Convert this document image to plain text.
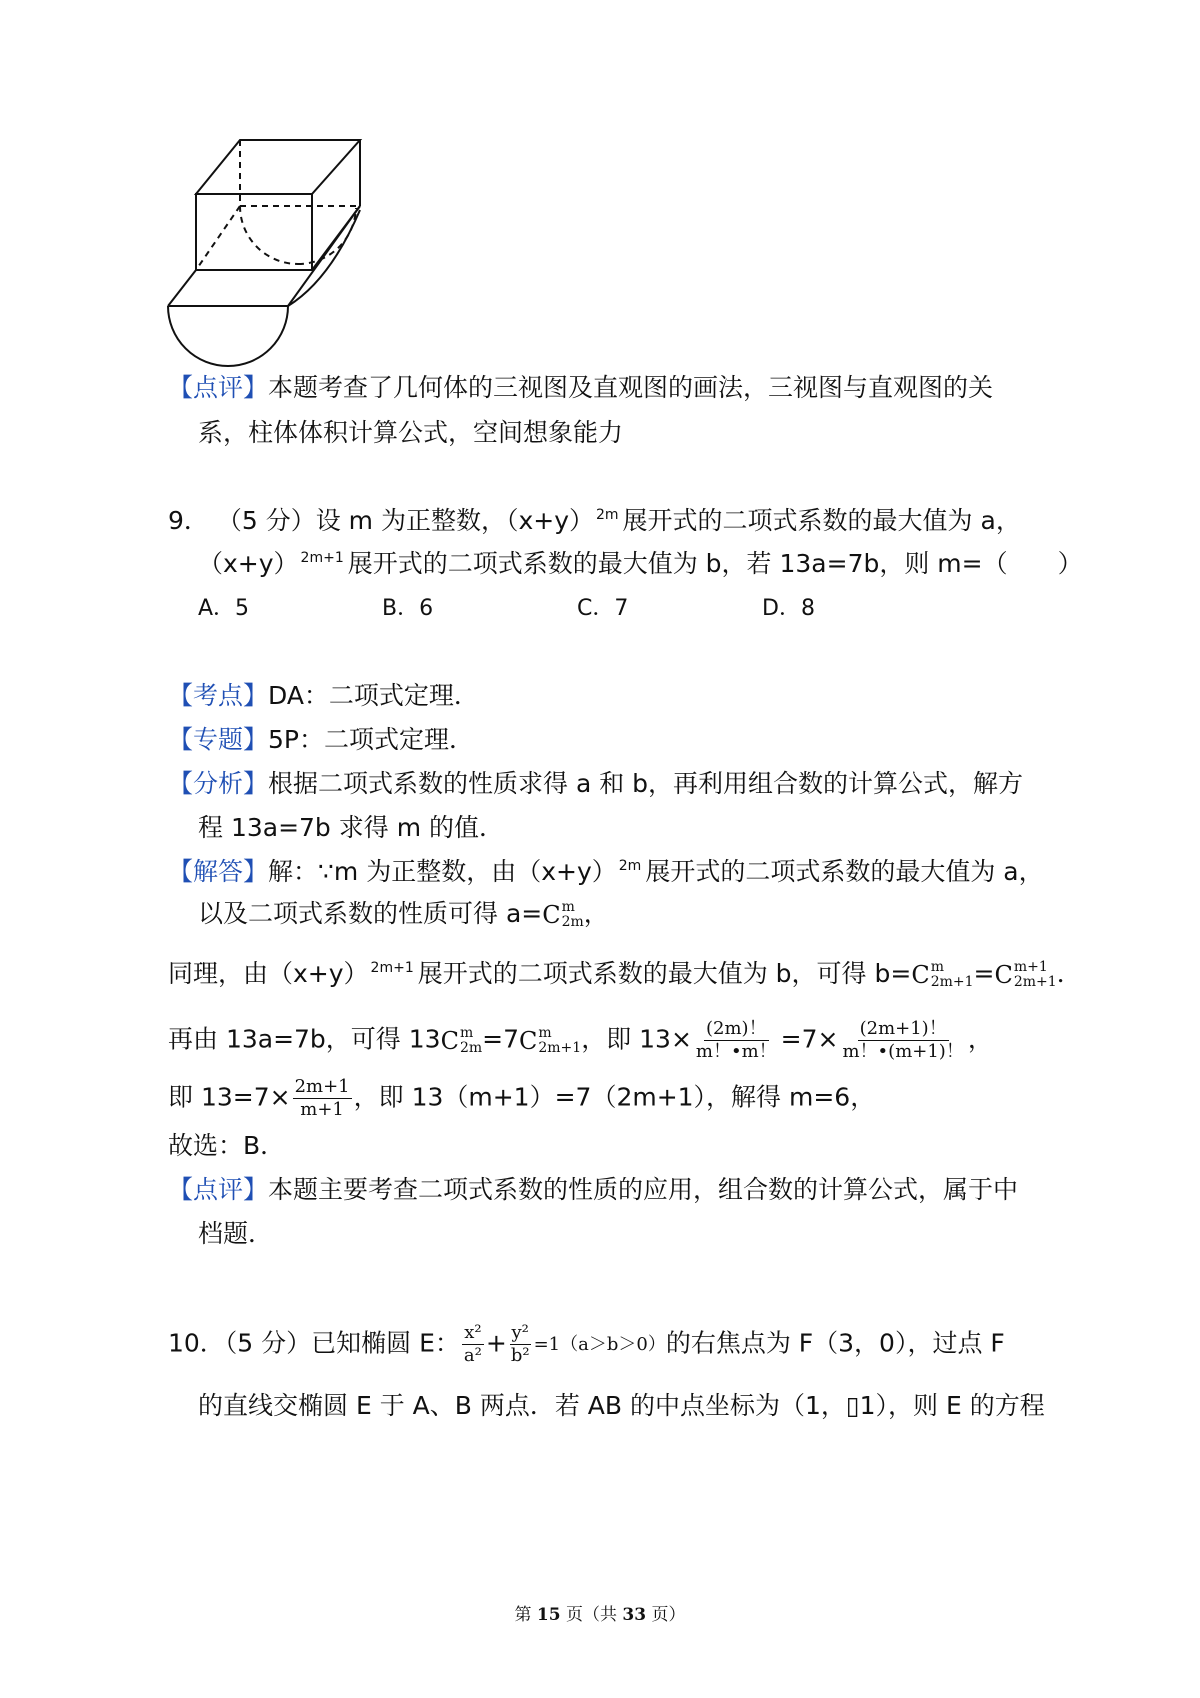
【点评】本题考查了几何体的三视图及直观图的画法，三视图与直观图的关
系，柱体体积计算公式，空间想象能力
9． （5 分）设 m 为正整数，（x+y） $^{2m}$ 展开式的二项式系数的最大值为 a，
（x+y） $^{2m+1}$ 展开式的二项式系数的最大值为 b，若 13a=7b，则 m=（　　）
A．5	B．6	C．7	D．8
【考点】DA：二项式定理．
【专题】5P：二项式定理．
【分析】根据二项式系数的性质求得 a 和 b，再利用组合数的计算公式，解方
程 13a=7b 求得 m 的值．
【解答】解：∵m 为正整数，由（x+y） $^{2m}$ 展开式的二项式系数的最大值为 a，
以及二项式系数的性质可得 a= C m
2m ，
同理，由（x+y） $^{2m+1}$ 展开式的二项式系数的最大值为 b，可得 b= C m
2m+1 = C m+1
2m+1 ．
再由 13a=7b，可得 13 C m
2m =7 C m
2m+1 ，即 $13\times \frac{(2m)!}{m!•m!} =7\times \frac{(2m+1)!}{m!•(m+1)!}$ ，
即 $13=7\times \frac{2m+1}{m+1}$ ，即 13（m+1）=7（2m+1），解得 m=6，
故选：B．
【点评】本题主要考查二项式系数的性质的应用，组合数的计算公式，属于中
档题．
10．（5 分）已知椭圆 E： $\frac{\text{x²}}{\text{a²}} + \frac{\text{y²}}{\text{b²}} =1(a>b>0)$的右焦点为 F（3，0），过点 F
的直线交椭圆 E 于 A、B 两点．若 AB 的中点坐标为（1，▯1），则 E 的方程
第 15 页（共 33 页）
